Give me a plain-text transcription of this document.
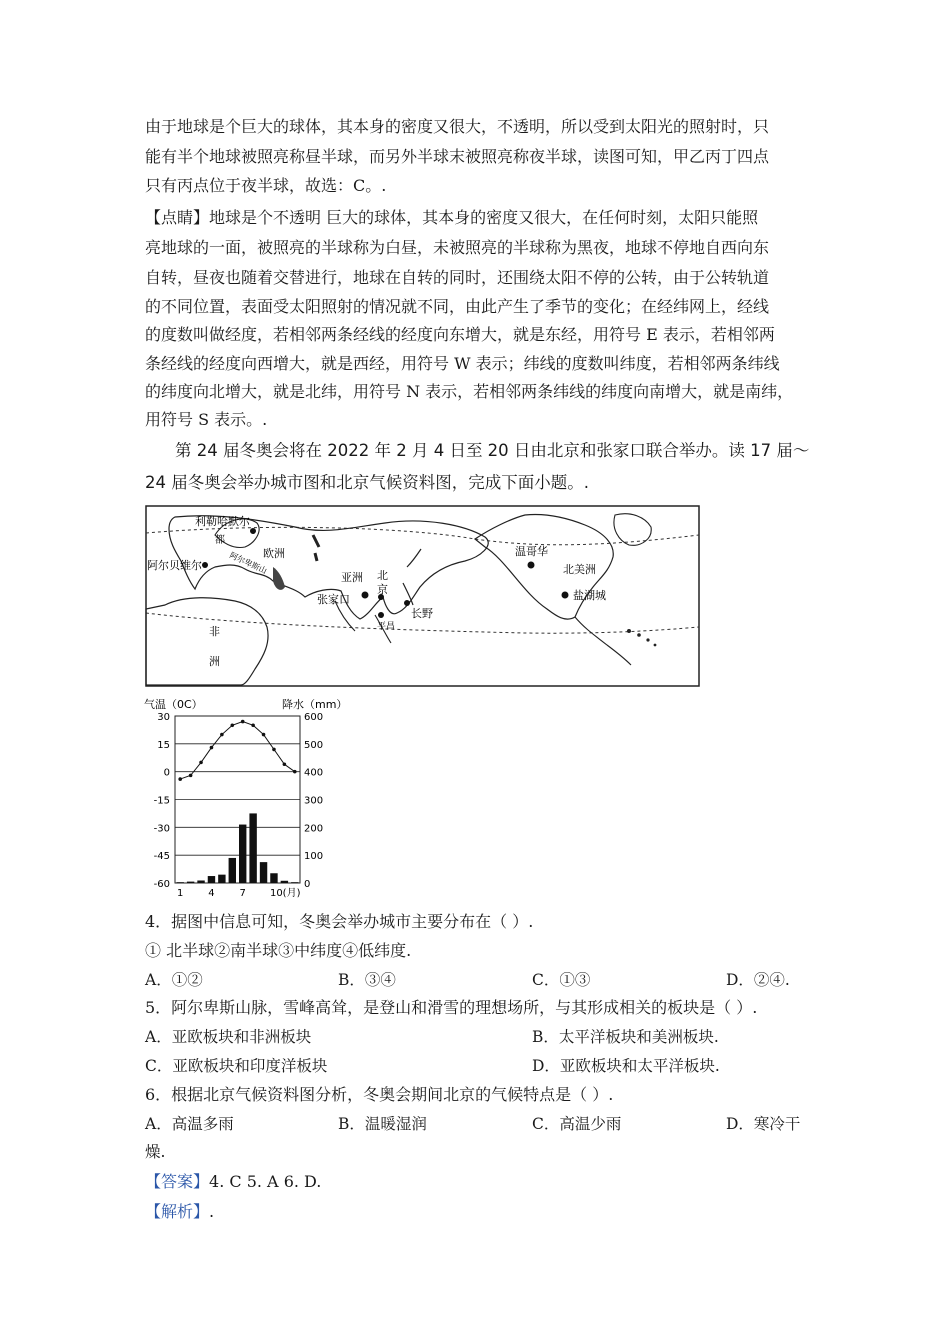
由于地球是个巨大的球体，其本身的密度又很大，不透明，所以受到太阳光的照射时，只
能有半个地球被照亮称昼半球，而另外半球末被照亮称夜半球，读图可知，甲乙丙丁四点
只有丙点位于夜半球，故选：C。.
【点睛】地球是个不透明 巨大的球体，其本身的密度又很大，在任何时刻，太阳只能照
亮地球的一面，被照亮的半球称为白昼，未被照亮的半球称为黑夜，地球不停地自西向东
自转，昼夜也随着交替进行，地球在自转的同时，还围绕太阳不停的公转，由于公转轨道
的不同位置，表面受太阳照射的情况就不同，由此产生了季节的变化；在经纬网上，经线
的度数叫做经度，若相邻两条经线的经度向东增大，就是东经，用符号 E 表示，若相邻两
条经线的经度向西增大，就是西经，用符号 W 表示；纬线的度数叫纬度，若相邻两条纬线
的纬度向北增大，就是北纬，用符号 N 表示，若相邻两条纬线的纬度向南增大，就是南纬，
用符号 S 表示。.
第 24 届冬奥会将在 2022 年 2 月 4 日至 20 日由北京和张家口联合举办。读 17 届～
24 届冬奥会举办城市图和北京气候资料图，完成下面小题。.
利勒哈默尔
欧洲
都
阿尔卑斯山
阿尔贝维尔
亚洲 北
京
张家口
长野
平昌
温哥华
北美洲
盐湖城
非
洲
气温（0C）	降水（mm）
30	600
15	500
0	400
-15	300
-30	200
-45	100
-60	0
1 4 7 10(月)
4．据图中信息可知，冬奥会举办城市主要分布在（ ）.
① 北半球②南半球③中纬度④低纬度.
A．①②	B．③④	C．①③	D．②④.
5．阿尔卑斯山脉，雪峰高耸，是登山和滑雪的理想场所，与其形成相关的板块是（ ）.
A．亚欧板块和非洲板块	B．太平洋板块和美洲板块.
C．亚欧板块和印度洋板块	D．亚欧板块和太平洋板块.
6．根据北京气候资料图分析，冬奥会期间北京的气候特点是（ ）.
A．高温多雨	B．温暖湿润	C．高温少雨	D．寒冷干
燥.
【答案】4. C 5. A 6. D.
【解析】.
